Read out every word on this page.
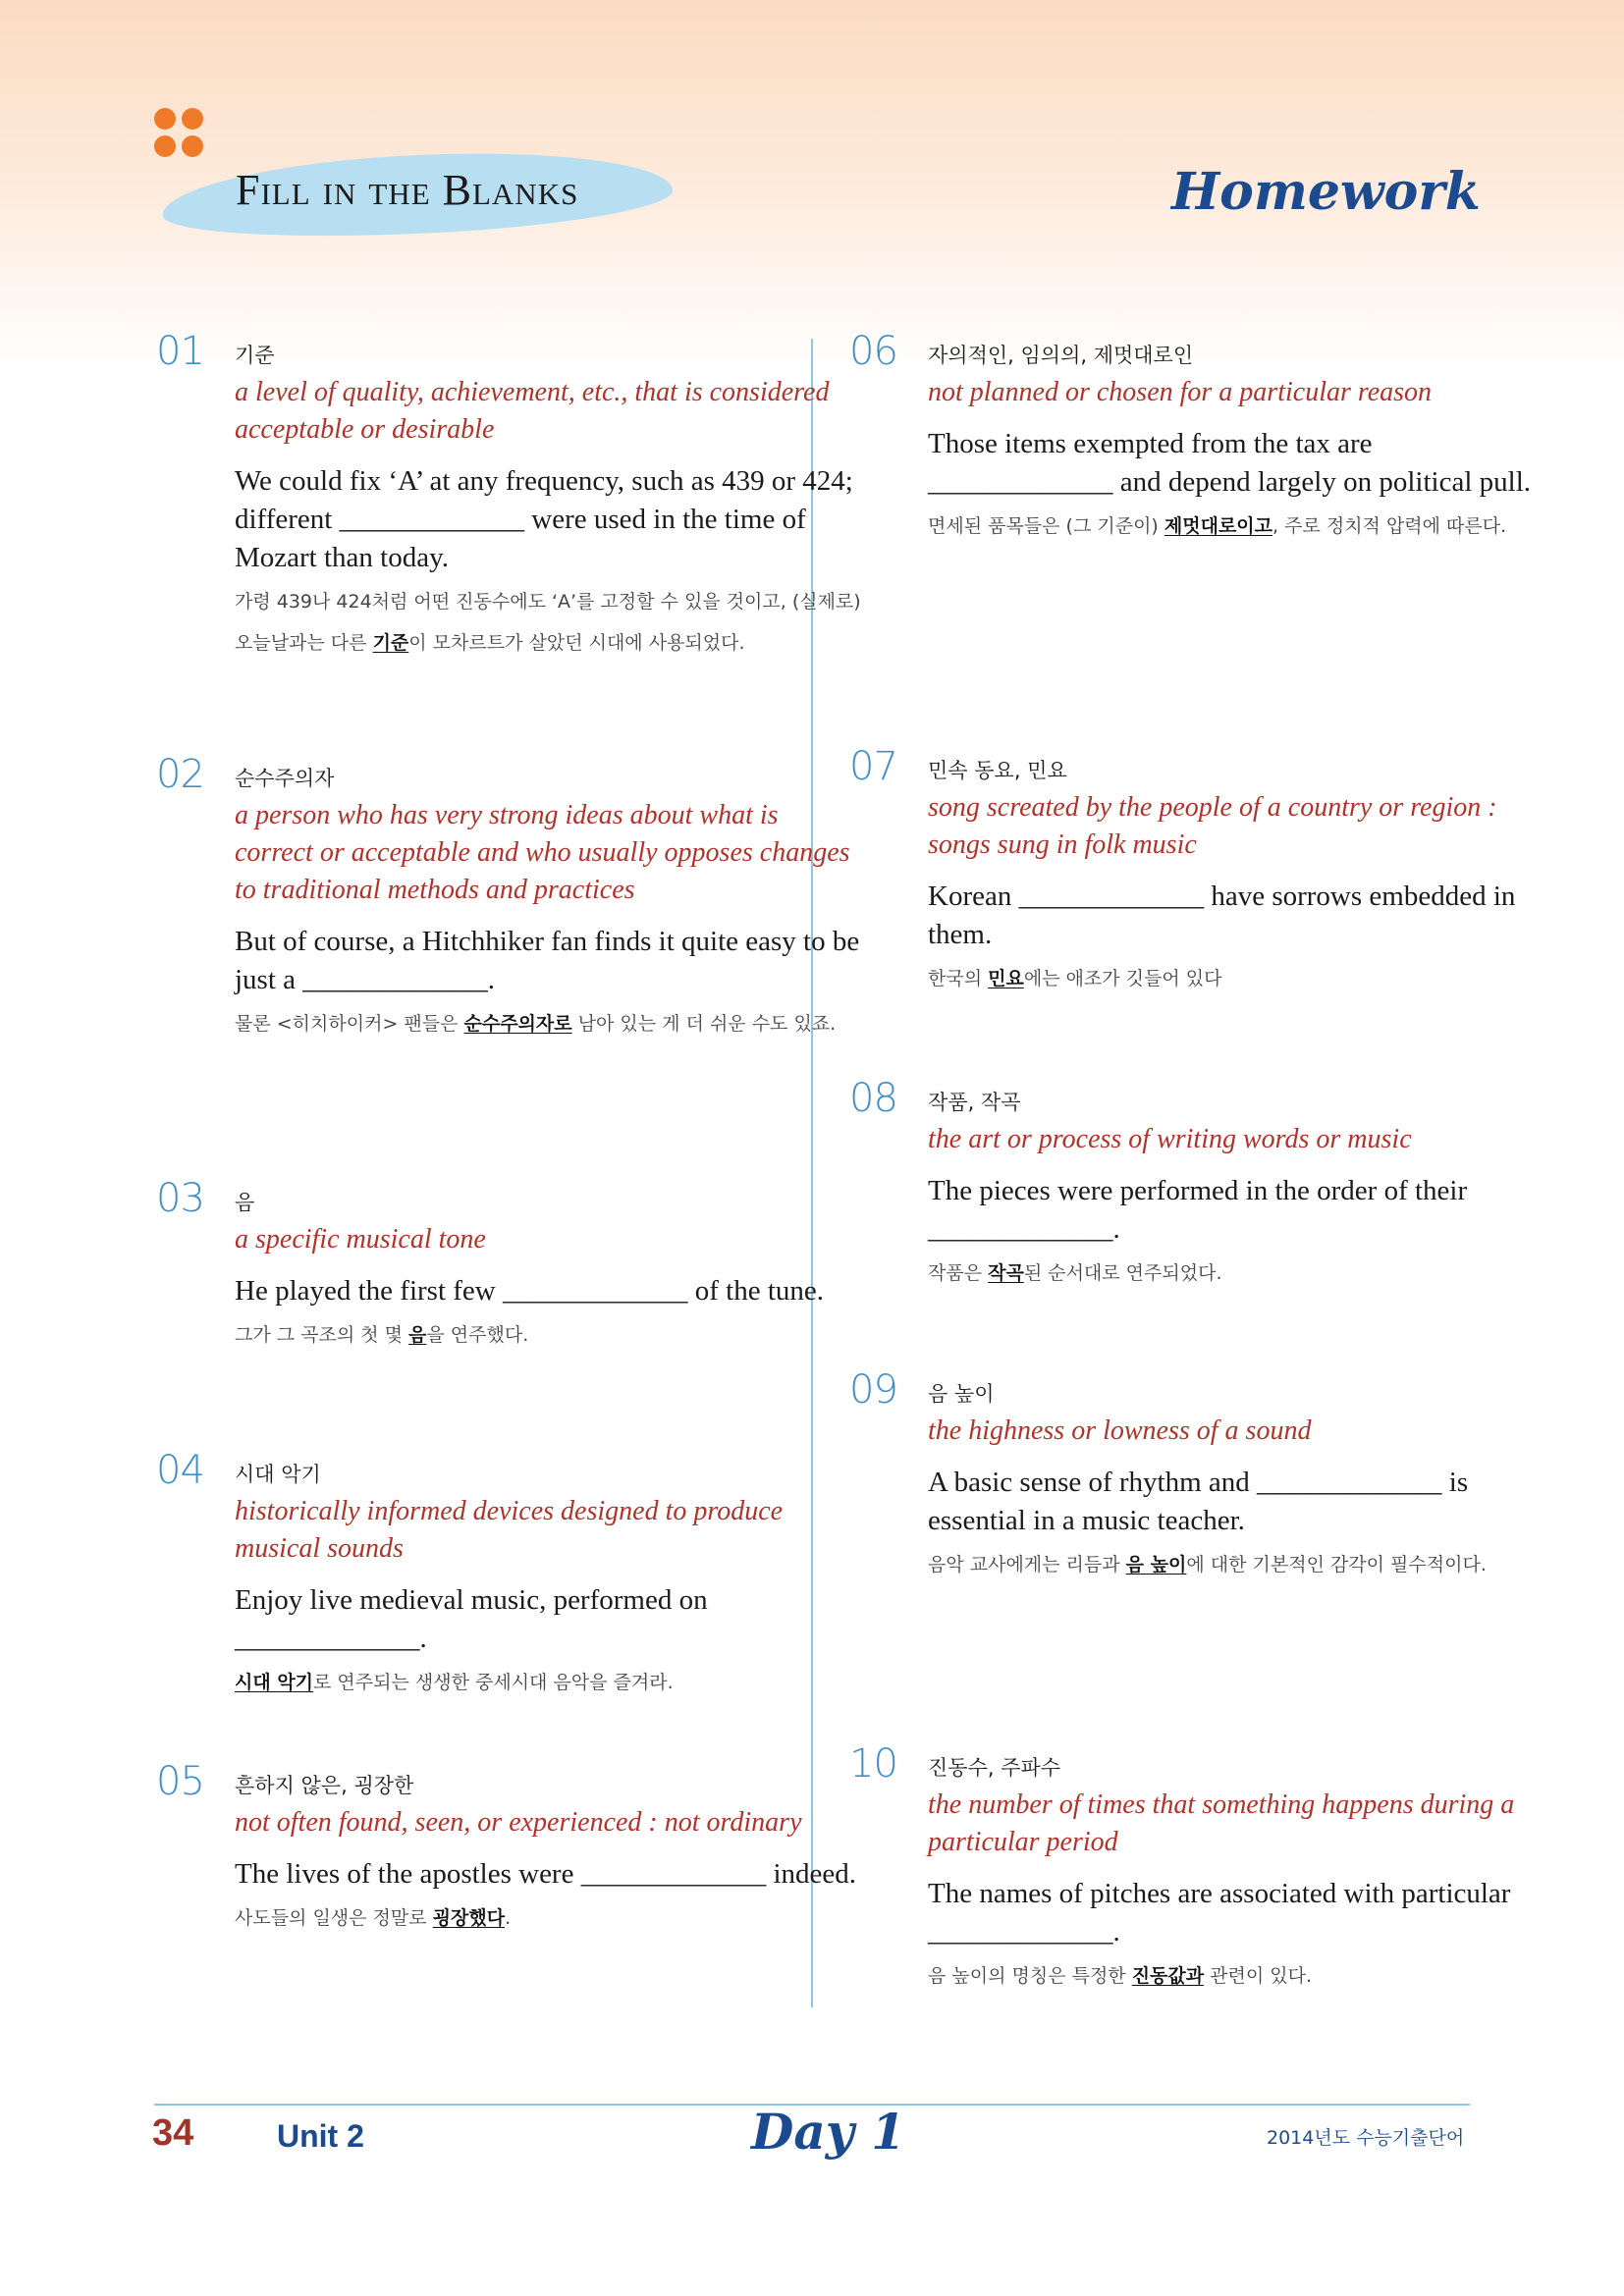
Fill in the Blanks	Homework
01 기준
a level of quality, achievement, etc., that is considered acceptable or desirable
We could fix ‘A’ at any frequency, such as 439 or 424; different _____________ were used in the time of Mozart than today.
가령 439나 424처럼 어떤 진동수에도 ‘A’를 고정할 수 있을 것이고, (실제로) 오늘날과는 다른 기준이 모차르트가 살았던 시대에 사용되었다.
02 순수주의자
a person who has very strong ideas about what is correct or acceptable and who usually opposes changes to traditional methods and practices
But of course, a Hitchhiker fan finds it quite easy to be just a _____________.
물론 <히치하이커> 팬들은 순수주의자로 남아 있는 게 더 쉬운 수도 있죠.
03 음
a specific musical tone
He played the first few _____________ of the tune.
그가 그 곡조의 첫 몇 음을 연주했다.
04 시대 악기
historically informed devices designed to produce musical sounds
Enjoy live medieval music, performed on _____________.
시대 악기로 연주되는 생생한 중세시대 음악을 즐겨라.
05 흔하지 않은, 굉장한
not often found, seen, or experienced : not ordinary
The lives of the apostles were _____________ indeed.
사도들의 일생은 정말로 굉장했다.
06 자의적인, 임의의, 제멋대로인
not planned or chosen for a particular reason
Those items exempted from the tax are _____________ and depend largely on political pull.
면세된 품목들은 (그 기준이) 제멋대로이고, 주로 정치적 압력에 따른다.
07 민속 동요, 민요
song screated by the people of a country or region : songs sung in folk music
Korean _____________ have sorrows embedded in them.
한국의 민요에는 애조가 깃들어 있다
08 작품, 작곡
the art or process of writing words or music
The pieces were performed in the order of their _____________.
작품은 작곡된 순서대로 연주되었다.
09 음 높이
the highness or lowness of a sound
A basic sense of rhythm and _____________ is essential in a music teacher.
음악 교사에게는 리듬과 음 높이에 대한 기본적인 감각이 필수적이다.
10 진동수, 주파수
the number of times that something happens during a particular period
The names of pitches are associated with particular _____________.
음 높이의 명칭은 특정한 진동값과 관련이 있다.
34	Unit 2	Day 1	2014년도 수능기출단어
